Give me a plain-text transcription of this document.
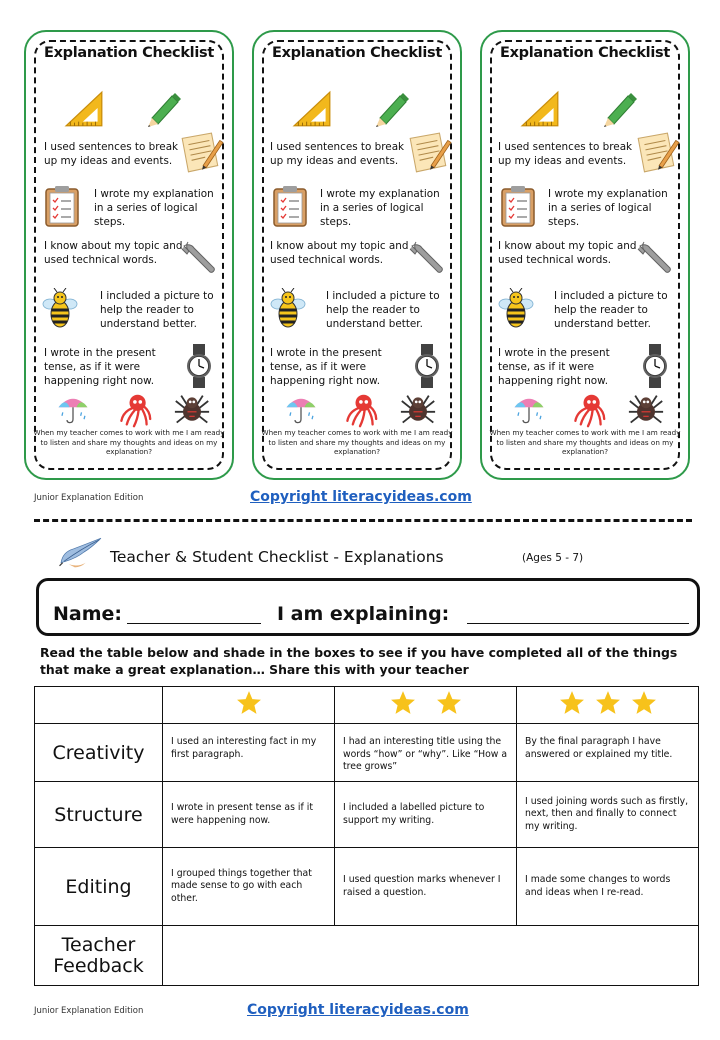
Explanation Checklist
I used sentences to break up my ideas and events.
I wrote my explanation in a series of logical steps.
I know about my topic and used technical words.
I included a picture to help the reader to understand better.
I wrote in the present tense, as if it were happening right now.
When my teacher comes to work with me I am ready to listen and share my thoughts and ideas on my explanation?
Explanation Checklist
I used sentences to break up my ideas and events.
I wrote my explanation in a series of logical steps.
I know about my topic and used technical words.
I included a picture to help the reader to understand better.
I wrote in the present tense, as if it were happening right now.
When my teacher comes to work with me I am ready to listen and share my thoughts and ideas on my explanation?
Explanation Checklist
I used sentences to break up my ideas and events.
I wrote my explanation in a series of logical steps.
I know about my topic and used technical words.
I included a picture to help the reader to understand better.
I wrote in the present tense, as if it were happening right now.
When my teacher comes to work with me I am ready to listen and share my thoughts and ideas on my explanation?
Junior Explanation Edition	Copyright literacyideas.com
Teacher & Student Checklist - Explanations	(Ages 5 - 7)
Name:	I am explaining:
Read the table below and shade in the boxes to see if you have completed all of the things that make a great explanation… Share this with your teacher

Creativity	I used an interesting fact in my first paragraph.	I had an interesting title using the words “how” or “why”. Like “How a tree grows”	By the final paragraph I have answered or explained my title.
Structure	I wrote in present tense as if it were happening now.	I included a labelled picture to support my writing.	I used joining words such as firstly, next, then and finally to connect my writing.
Editing	I grouped things together that made sense to go with each other.	I used question marks whenever I raised a question.	I made some changes to words and ideas when I re-read.

Teacher
Feedback			

Junior Explanation Edition	Copyright literacyideas.com
